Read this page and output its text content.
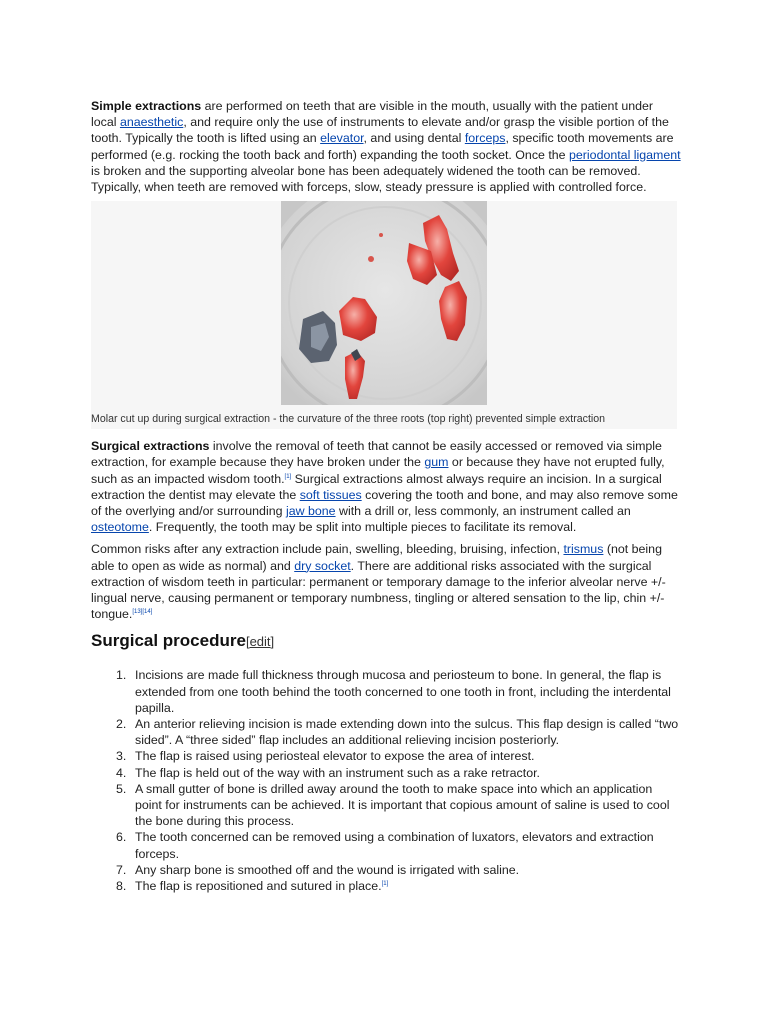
Simple extractions are performed on teeth that are visible in the mouth, usually with the patient under local anaesthetic, and require only the use of instruments to elevate and/or grasp the visible portion of the tooth. Typically the tooth is lifted using an elevator, and using dental forceps, specific tooth movements are performed (e.g. rocking the tooth back and forth) expanding the tooth socket. Once the periodontal ligament is broken and the supporting alveolar bone has been adequately widened the tooth can be removed. Typically, when teeth are removed with forceps, slow, steady pressure is applied with controlled force.

Molar cut up during surgical extraction - the curvature of the three roots (top right) prevented simple extraction

Surgical extractions involve the removal of teeth that cannot be easily accessed or removed via simple extraction, for example because they have broken under the gum or because they have not erupted fully, such as an impacted wisdom tooth.[1] Surgical extractions almost always require an incision. In a surgical extraction the dentist may elevate the soft tissues covering the tooth and bone, and may also remove some of the overlying and/or surrounding jaw bone with a drill or, less commonly, an instrument called an osteotome. Frequently, the tooth may be split into multiple pieces to facilitate its removal.

Common risks after any extraction include pain, swelling, bleeding, bruising, infection, trismus (not being able to open as wide as normal) and dry socket. There are additional risks associated with the surgical extraction of wisdom teeth in particular: permanent or temporary damage to the inferior alveolar nerve +/- lingual nerve, causing permanent or temporary numbness, tingling or altered sensation to the lip, chin +/- tongue.[13][14]

Surgical procedure[edit]
1. Incisions are made full thickness through mucosa and periosteum to bone. In general, the flap is extended from one tooth behind the tooth concerned to one tooth in front, including the interdental papilla.
2. An anterior relieving incision is made extending down into the sulcus. This flap design is called “two sided”. A “three sided” flap includes an additional relieving incision posteriorly.
3. The flap is raised using periosteal elevator to expose the area of interest.
4. The flap is held out of the way with an instrument such as a rake retractor.
5. A small gutter of bone is drilled away around the tooth to make space into which an application point for instruments can be achieved. It is important that copious amount of saline is used to cool the bone during this process.
6. The tooth concerned can be removed using a combination of luxators, elevators and extraction forceps.
7. Any sharp bone is smoothed off and the wound is irrigated with saline.
8. The flap is repositioned and sutured in place.[1]
